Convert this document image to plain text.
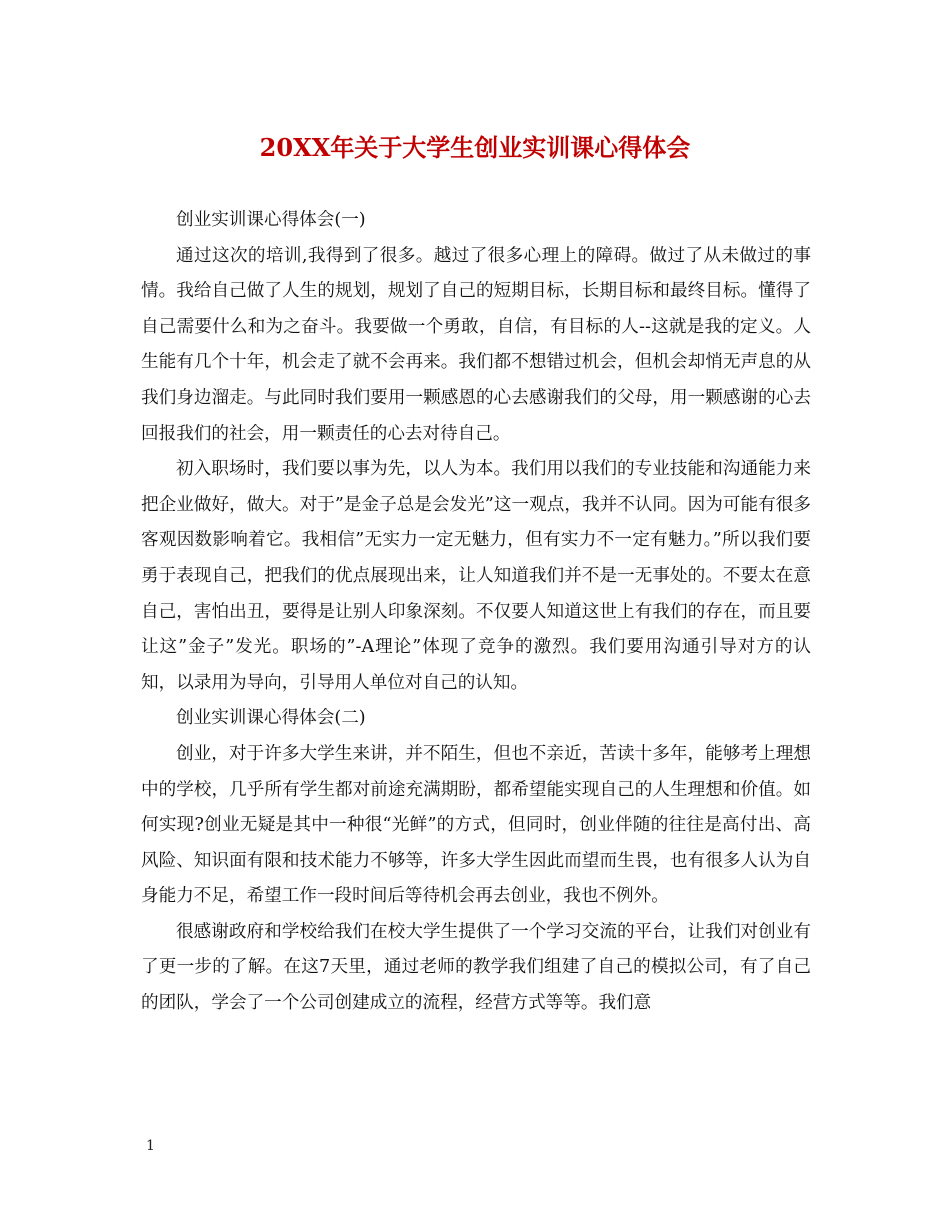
20XX年关于大学生创业实训课心得体会

创业实训课心得体会(一)

通过这次的培训,我得到了很多。越过了很多心理上的障碍。做过了从未做过的事情。我给自己做了人生的规划，规划了自己的短期目标，长期目标和最终目标。懂得了自己需要什么和为之奋斗。我要做一个勇敢，自信，有目标的人--这就是我的定义。人生能有几个十年，机会走了就不会再来。我们都不想错过机会，但机会却悄无声息的从我们身边溜走。与此同时我们要用一颗感恩的心去感谢我们的父母，用一颗感谢的心去回报我们的社会，用一颗责任的心去对待自己。

初入职场时，我们要以事为先，以人为本。我们用以我们的专业技能和沟通能力来把企业做好，做大。对于”是金子总是会发光”这一观点，我并不认同。因为可能有很多客观因数影响着它。我相信”无实力一定无魅力，但有实力不一定有魅力。”所以我们要勇于表现自己，把我们的优点展现出来，让人知道我们并不是一无事处的。不要太在意自己，害怕出丑，要得是让别人印象深刻。不仅要人知道这世上有我们的存在，而且要让这”金子”发光。职场的”-A理论”体现了竞争的激烈。我们要用沟通引导对方的认知，以录用为导向，引导用人单位对自己的认知。

创业实训课心得体会(二)

创业，对于许多大学生来讲，并不陌生，但也不亲近，苦读十多年，能够考上理想中的学校，几乎所有学生都对前途充满期盼，都希望能实现自己的人生理想和价值。如何实现?创业无疑是其中一种很“光鲜”的方式，但同时，创业伴随的往往是高付出、高风险、知识面有限和技术能力不够等，许多大学生因此而望而生畏，也有很多人认为自身能力不足，希望工作一段时间后等待机会再去创业，我也不例外。

很感谢政府和学校给我们在校大学生提供了一个学习交流的平台，让我们对创业有了更一步的了解。在这7天里，通过老师的教学我们组建了自己的模拟公司，有了自己的团队，学会了一个公司创建成立的流程，经营方式等等。我们意

1
